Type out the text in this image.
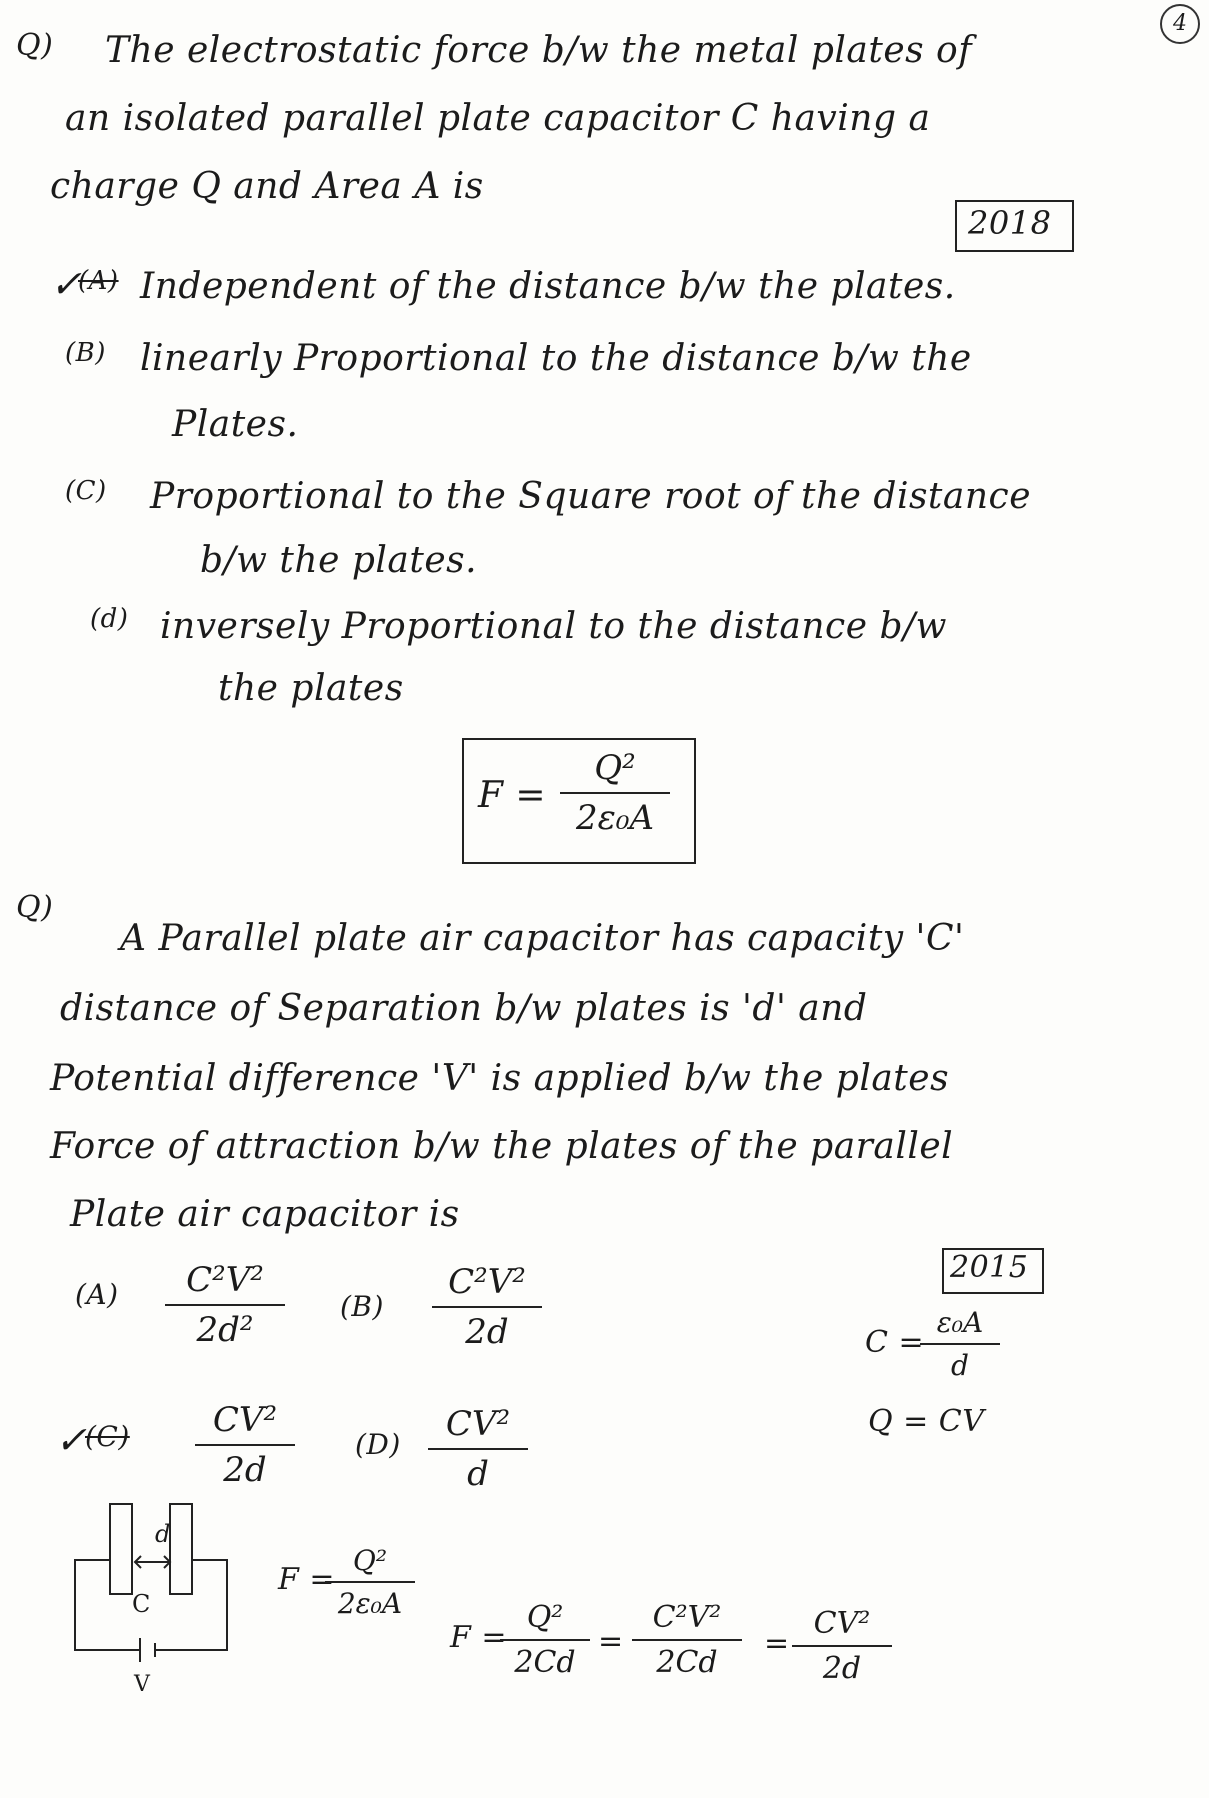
4
Q) The electrostatic force b/w the metal plates of
an isolated parallel plate capacitor C having a
charge Q and Area A is
2018
✓
(A) Independent of the distance b/w the plates.
(B) linearly Proportional to the distance b/w the
Plates.
(C) Proportional to the Square root of the distance
b/w the plates.
(d) inversely Proportional to the distance b/w
the plates
F =
Q²
2ε₀A
Q)
A Parallel plate air capacitor has capacity 'C'
distance of Separation b/w plates is 'd' and
Potential difference 'V' is applied b/w the plates
Force of attraction b/w the plates of the parallel
Plate air capacitor is
2015
(A)	C²V²
2d²
(B)
C²V²
2d	C =
ε₀A
d
Q = CV
✓
(C)	CV²
2d
(D)
CV²
d
d
C
V
F =
Q²
2ε₀A
F =
Q²
2Cd
=
C²V²
2Cd
=
CV²
2d
